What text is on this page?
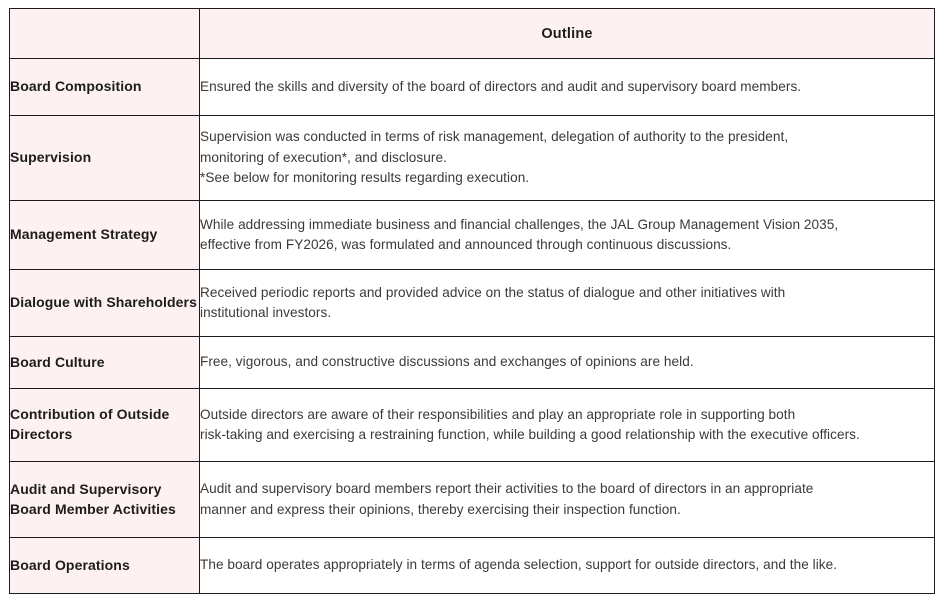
	Outline
Board Composition	Ensured the skills and diversity of the board of directors and audit and supervisory board members.

Supervision	Supervision was conducted in terms of risk management, delegation of authority to the president,
monitoring of execution*, and disclosure.
*See below for monitoring results regarding execution.

Management Strategy	While addressing immediate business and financial challenges, the JAL Group Management Vision 2035,
effective from FY2026, was formulated and announced through continuous discussions.

Dialogue with Shareholders	Received periodic reports and provided advice on the status of dialogue and other initiatives with
institutional investors.

Board Culture	Free, vigorous, and constructive discussions and exchanges of opinions are held.

Contribution of Outside Directors	Outside directors are aware of their responsibilities and play an appropriate role in supporting both
risk-taking and exercising a restraining function, while building a good relationship with the executive officers.

Audit and Supervisory Board Member Activities	Audit and supervisory board members report their activities to the board of directors in an appropriate
manner and express their opinions, thereby exercising their inspection function.

Board Operations	The board operates appropriately in terms of agenda selection, support for outside directors, and the like.
